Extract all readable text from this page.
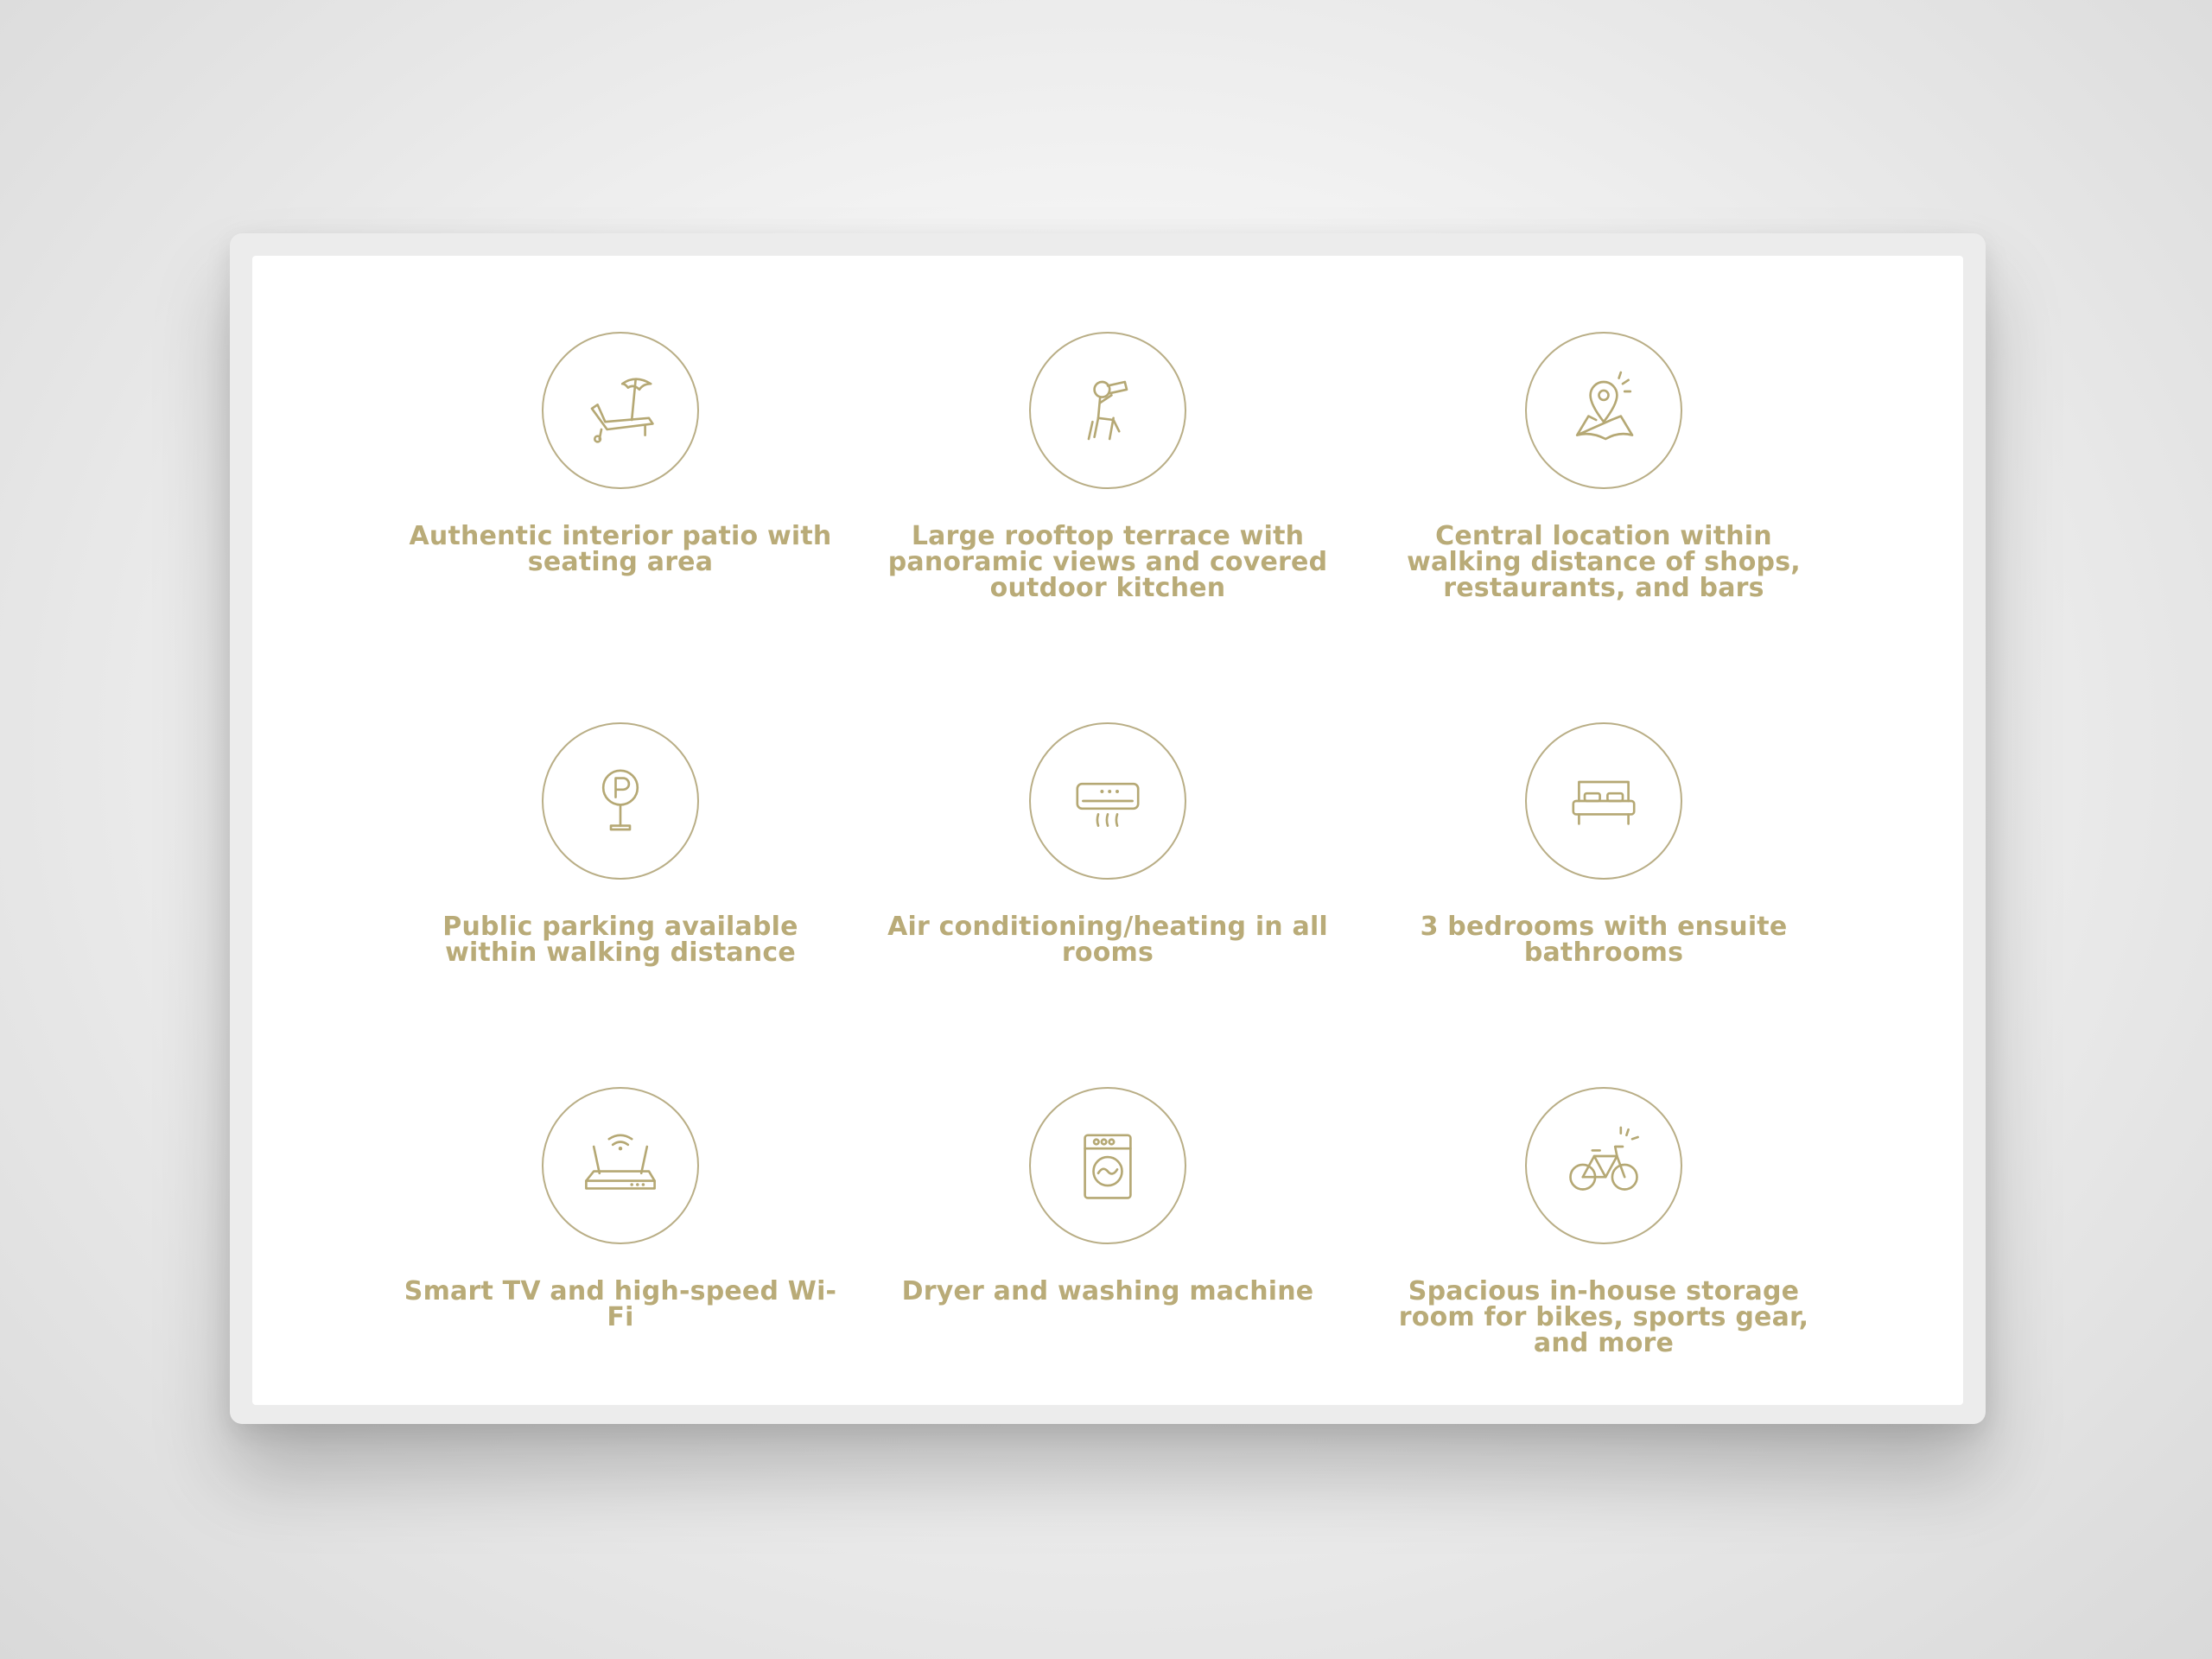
Authentic interior patio with seating area
Large rooftop terrace with panoramic views and covered outdoor kitchen
Central location within walking distance of shops, restaurants, and bars
Public parking available within walking distance
Air conditioning/heating in all rooms
3 bedrooms with ensuite bathrooms
Smart TV and high-speed Wi-Fi
Dryer and washing machine	Spacious in-house storage room for bikes, sports gear, and more
